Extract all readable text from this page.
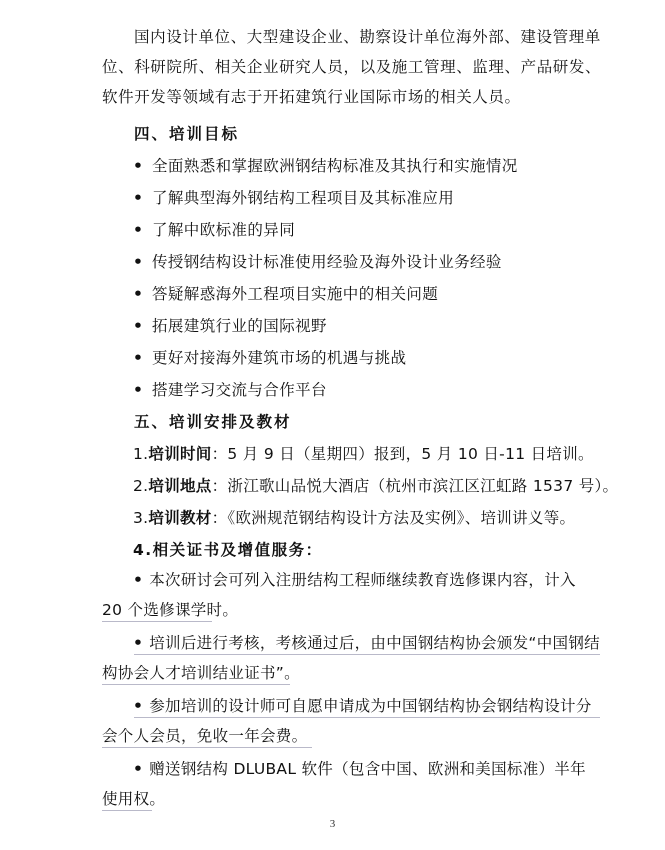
国内设计单位、大型建设企业、勘察设计单位海外部、建设管理单位、科研院所、相关企业研究人员，以及施工管理、监理、产品研发、软件开发等领域有志于开拓建筑行业国际市场的相关人员。

四、培训目标

• 全面熟悉和掌握欧洲钢结构标准及其执行和实施情况

• 了解典型海外钢结构工程项目及其标准应用

• 了解中欧标准的异同

• 传授钢结构设计标准使用经验及海外设计业务经验

• 答疑解惑海外工程项目实施中的相关问题

• 拓展建筑行业的国际视野

• 更好对接海外建筑市场的机遇与挑战

• 搭建学习交流与合作平台

五、培训安排及教材

1.培训时间：5 月 9 日（星期四）报到，5 月 10 日-11 日培训。

2.培训地点：浙江歌山品悦大酒店（杭州市滨江区江虹路 1537 号）。

3.培训教材：《欧洲规范钢结构设计方法及实例》、培训讲义等。

4.相关证书及增值服务：

• 本次研讨会可列入注册结构工程师继续教育选修课内容，计入 20 个选修课学时。

• 培训后进行考核，考核通过后，由中国钢结构协会颁发“中国钢结构协会人才培训结业证书”。

• 参加培训的设计师可自愿申请成为中国钢结构协会钢结构设计分会个人会员，免收一年会费。

• 赠送钢结构 DLUBAL 软件（包含中国、欧洲和美国标准）半年使用权。

3
